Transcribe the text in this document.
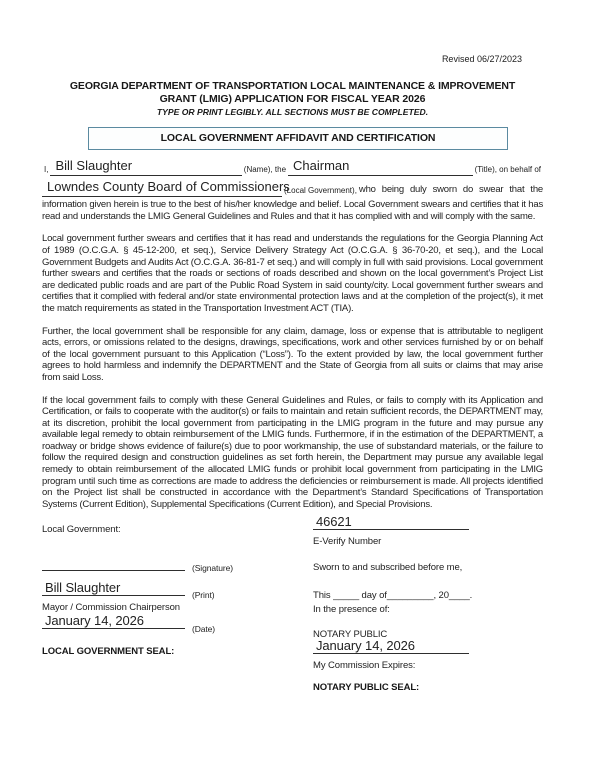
Revised 06/27/2023
GEORGIA DEPARTMENT OF TRANSPORTATION LOCAL MAINTENANCE & IMPROVEMENT
GRANT (LMIG) APPLICATION FOR FISCAL YEAR 2026
TYPE OR PRINT LEGIBLY. ALL SECTIONS MUST BE COMPLETED.
LOCAL GOVERNMENT AFFIDAVIT AND CERTIFICATION
I, Bill Slaughter	(Name), the Chairman	(Title), on behalf of
Lowndes County Board of Commissioners
(Local Government), who being duly sworn do swear that the
information given herein is true to the best of his/her knowledge and belief. Local Government swears and certifies that it has read and understands the LMIG General Guidelines and Rules and that it has complied with and will comply with the same.
Local government further swears and certifies that it has read and understands the regulations for the Georgia Planning Act of 1989 (O.C.G.A. § 45-12-200, et seq.), Service Delivery Strategy Act (O.C.G.A. § 36-70-20, et seq.), and the Local Government Budgets and Audits Act (O.C.G.A. 36-81-7 et seq.) and will comply in full with said provisions. Local government further swears and certifies that the roads or sections of roads described and shown on the local government’s Project List are dedicated public roads and are part of the Public Road System in said county/city. Local government further swears and certifies that it complied with federal and/or state environmental protection laws and at the completion of the project(s), it met the match requirements as stated in the Transportation Investment ACT (TIA).
Further, the local government shall be responsible for any claim, damage, loss or expense that is attributable to negligent acts, errors, or omissions related to the designs, drawings, specifications, work and other services furnished by or on behalf of the local government pursuant to this Application (“Loss”). To the extent provided by law, the local government further agrees to hold harmless and indemnify the DEPARTMENT and the State of Georgia from all suits or claims that may arise from said Loss.
If the local government fails to comply with these General Guidelines and Rules, or fails to comply with its Application and Certification, or fails to cooperate with the auditor(s) or fails to maintain and retain sufficient records, the DEPARTMENT may, at its discretion, prohibit the local government from participating in the LMIG program in the future and may pursue any available legal remedy to obtain reimbursement of the LMIG funds. Furthermore, if in the estimation of the DEPARTMENT, a roadway or bridge shows evidence of failure(s) due to poor workmanship, the use of substandard materials, or the failure to follow the required design and construction guidelines as set forth herein, the Department may pursue any available legal remedy to obtain reimbursement of the allocated LMIG funds or prohibit local government from participating in the LMIG program until such time as corrections are made to address the deficiencies or reimbursement is made. All projects identified on the Project list shall be constructed in accordance with the Department’s Standard Specifications of Transportation Systems (Current Edition), Supplemental Specifications (Current Edition), and Special Provisions.
Local Government:
(Signature)
Bill Slaughter	(Print)
Mayor / Commission Chairperson
January 14, 2026
(Date)
LOCAL GOVERNMENT SEAL:
46621
E-Verify Number
Sworn to and subscribed before me,
This _____ day of_________, 20____.
In the presence of:
NOTARY PUBLIC
January 14, 2026
My Commission Expires:
NOTARY PUBLIC SEAL:
